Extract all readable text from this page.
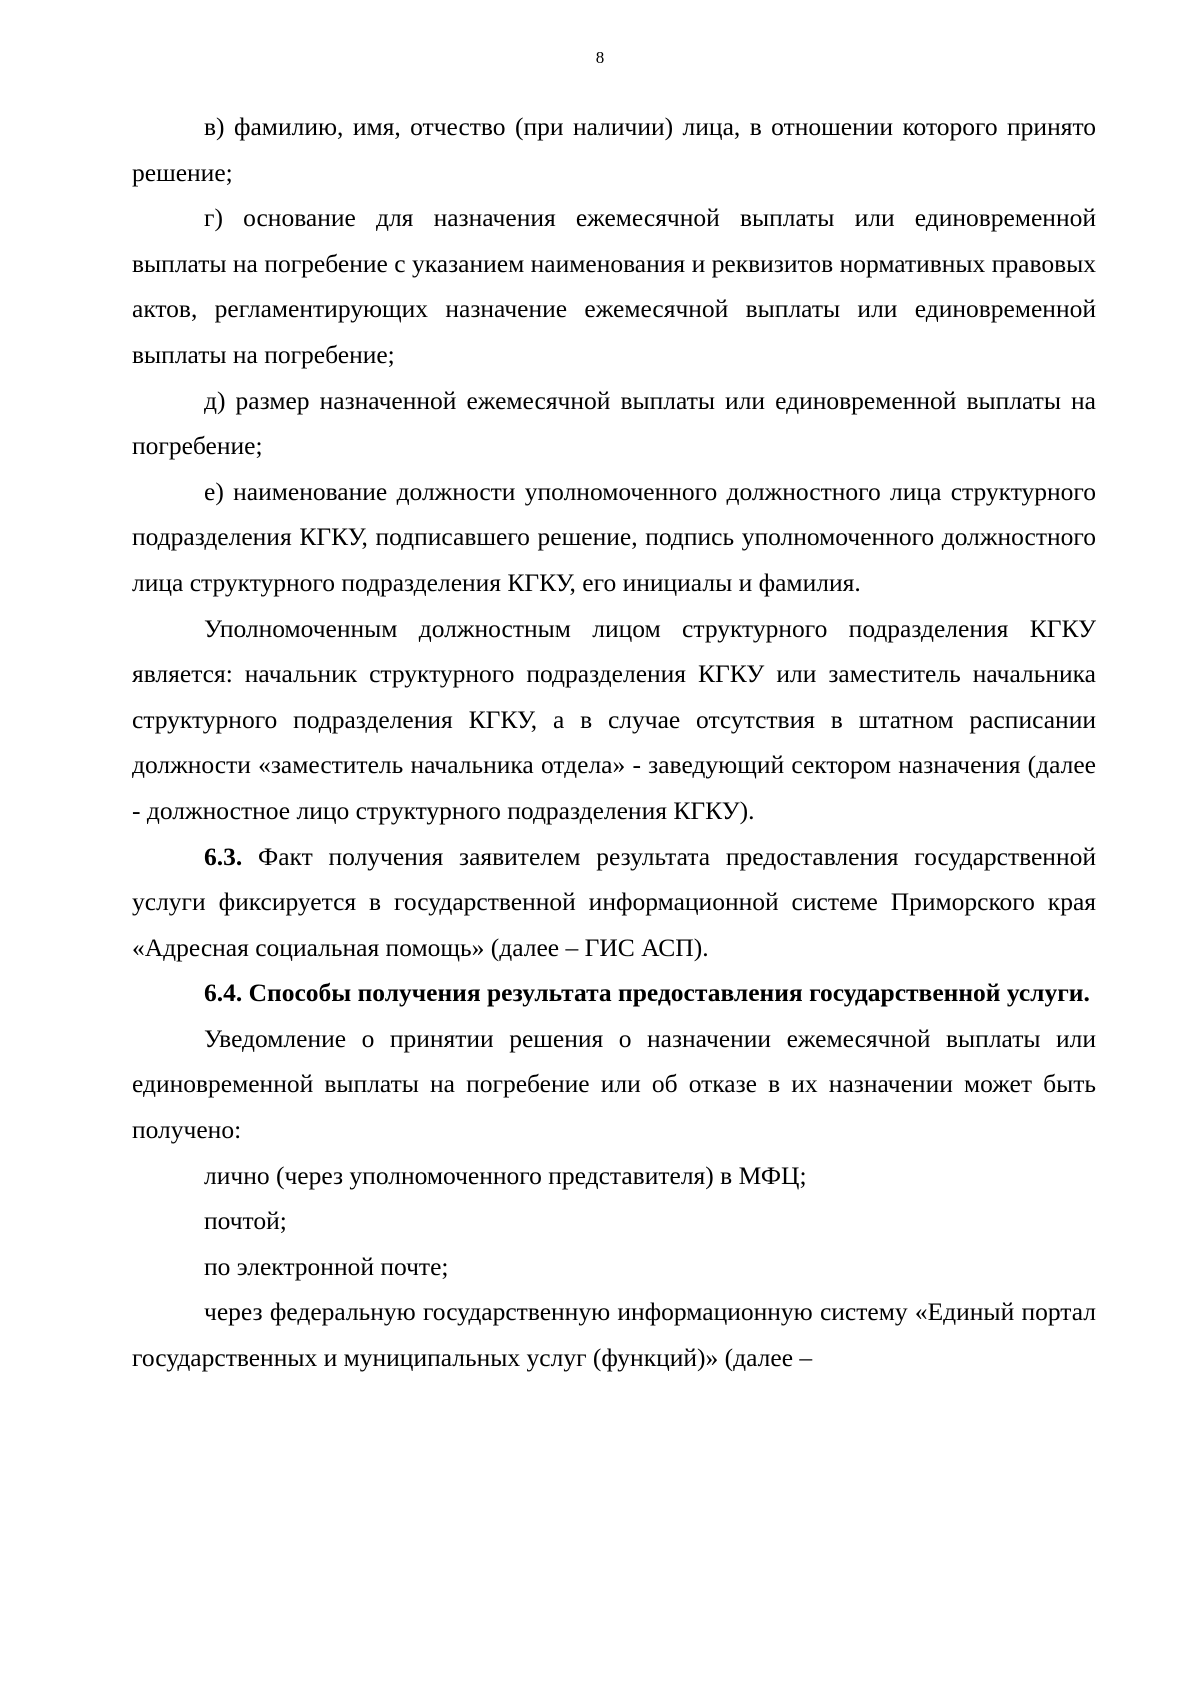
8

в) фамилию, имя, отчество (при наличии) лица, в отношении которого принято решение;

г) основание для назначения ежемесячной выплаты или единовременной выплаты на погребение с указанием наименования и реквизитов нормативных правовых актов, регламентирующих назначение ежемесячной выплаты или единовременной выплаты на погребение;

д) размер назначенной ежемесячной выплаты или единовременной выплаты на погребение;

е) наименование должности уполномоченного должностного лица структурного подразделения КГКУ, подписавшего решение, подпись уполномоченного должностного лица структурного подразделения КГКУ, его инициалы и фамилия.

Уполномоченным должностным лицом структурного подразделения КГКУ является: начальник структурного подразделения КГКУ или заместитель начальника структурного подразделения КГКУ, а в случае отсутствия в штатном расписании должности «заместитель начальника отдела» - заведующий сектором назначения (далее - должностное лицо структурного подразделения КГКУ).

6.3. Факт получения заявителем результата предоставления государственной услуги фиксируется в государственной информационной системе Приморского края «Адресная социальная помощь» (далее – ГИС АСП).

6.4. Способы получения результата предоставления государственной услуги.

Уведомление о принятии решения о назначении ежемесячной выплаты или единовременной выплаты на погребение или об отказе в их назначении может быть получено:

лично (через уполномоченного представителя) в МФЦ;

почтой;

по электронной почте;

через федеральную государственную информационную систему «Единый портал государственных и муниципальных услуг (функций)» (далее –
